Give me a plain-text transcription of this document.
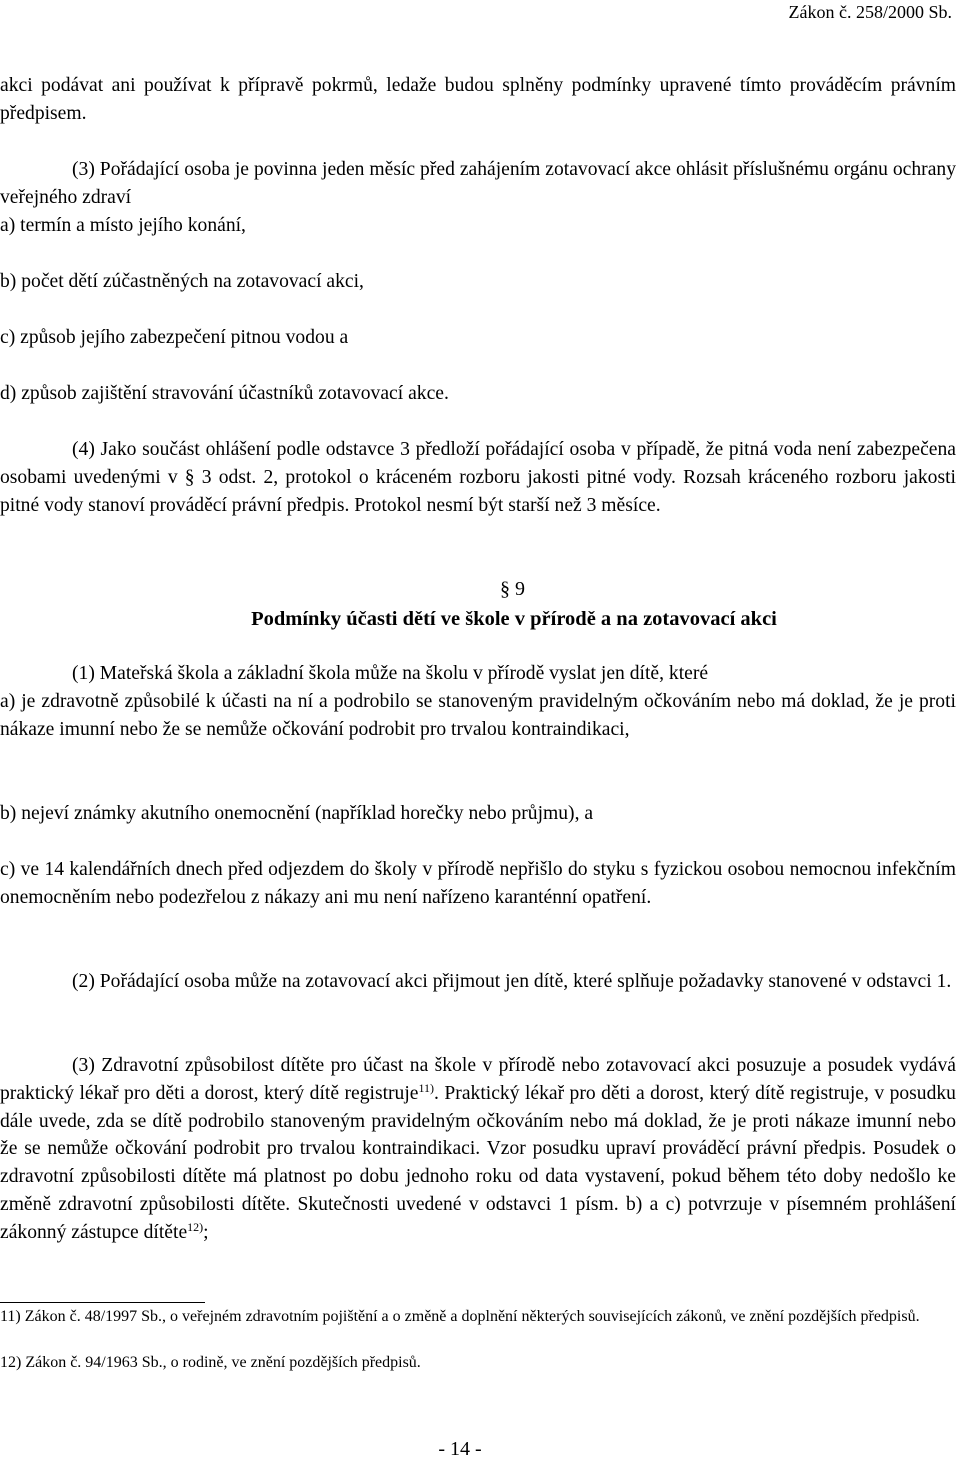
Zákon č. 258/2000 Sb.

akci podávat ani používat k přípravě pokrmů, ledaže budou splněny podmínky upravené tímto prováděcím právním předpisem.

(3) Pořádající osoba je povinna jeden měsíc před zahájením zotavovací akce ohlásit příslušnému orgánu ochrany veřejného zdraví

a) termín a místo jejího konání,

b) počet dětí zúčastněných na zotavovací akci,

c) způsob jejího zabezpečení pitnou vodou a

d) způsob zajištění stravování účastníků zotavovací akce.

(4) Jako součást ohlášení podle odstavce 3 předloží pořádající osoba v případě, že pitná voda není zabezpečena osobami uvedenými v § 3 odst. 2, protokol o kráceném rozboru jakosti pitné vody. Rozsah kráceného rozboru jakosti pitné vody stanoví prováděcí právní předpis. Protokol nesmí být starší než 3 měsíce.

§ 9
Podmínky účasti dětí ve škole v přírodě a na zotavovací akci

(1) Mateřská škola a základní škola může na školu v přírodě vyslat jen dítě, které

a) je zdravotně způsobilé k účasti na ní a podrobilo se stanoveným pravidelným očkováním nebo má doklad, že je proti nákaze imunní nebo že se nemůže očkování podrobit pro trvalou kontraindikaci,

b) nejeví známky akutního onemocnění (například horečky nebo průjmu), a

c) ve 14 kalendářních dnech před odjezdem do školy v přírodě nepřišlo do styku s fyzickou osobou nemocnou infekčním onemocněním nebo podezřelou z nákazy ani mu není nařízeno karanténní opatření.

(2) Pořádající osoba může na zotavovací akci přijmout jen dítě, které splňuje požadavky stanovené v odstavci 1.

(3) Zdravotní způsobilost dítěte pro účast na škole v přírodě nebo zotavovací akci posuzuje a posudek vydává praktický lékař pro děti a dorost, který dítě registruje$^{11)}$. Praktický lékař pro děti a dorost, který dítě registruje, v posudku dále uvede, zda se dítě podrobilo stanoveným pravidelným očkováním nebo má doklad, že je proti nákaze imunní nebo že se nemůže očkování podrobit pro trvalou kontraindikaci. Vzor posudku upraví prováděcí právní předpis. Posudek o zdravotní způsobilosti dítěte má platnost po dobu jednoho roku od data vystavení, pokud během této doby nedošlo ke změně zdravotní způsobilosti dítěte. Skutečnosti uvedené v odstavci 1 písm. b) a c) potvrzuje v písemném prohlášení zákonný zástupce dítěte$^{12)}$;

11) Zákon č. 48/1997 Sb., o veřejném zdravotním pojištění a o změně a doplnění některých souvisejících zákonů, ve znění pozdějších předpisů.

12) Zákon č. 94/1963 Sb., o rodině, ve znění pozdějších předpisů.

- 14 -
